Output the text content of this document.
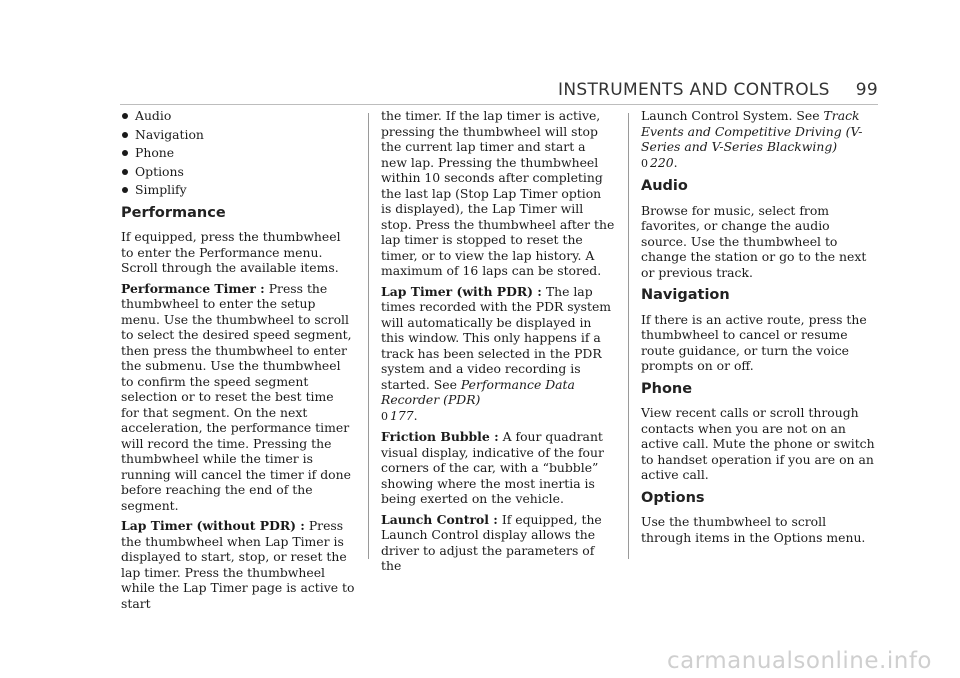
INSTRUMENTS AND CONTROLS 99
Audio
Navigation
Phone
Options
Simplify
Performance

If equipped, press the thumbwheel to enter the Performance menu. Scroll through the available items.

Performance Timer : Press the thumbwheel to enter the setup menu. Use the thumbwheel to scroll to select the desired speed segment, then press the thumbwheel to enter the submenu. Use the thumbwheel to confirm the speed segment selection or to reset the best time for that segment. On the next acceleration, the performance timer will record the time. Pressing the thumbwheel while the timer is running will cancel the timer if done before reaching the end of the segment.

Lap Timer (without PDR) : Press the thumbwheel when Lap Timer is displayed to start, stop, or reset the lap timer. Press the thumbwheel while the Lap Timer page is active to start

the timer. If the lap timer is active, pressing the thumbwheel will stop the current lap timer and start a new lap. Pressing the thumbwheel within 10 seconds after completing the last lap (Stop Lap Timer option is displayed), the Lap Timer will stop. Press the thumbwheel after the lap timer is stopped to reset the timer, or to view the lap history. A maximum of 16 laps can be stored.

Lap Timer (with PDR) : The lap times recorded with the PDR system will automatically be displayed in this window. This only happens if a track has been selected in the PDR system and a video recording is started. See Performance Data Recorder (PDR)
0 177.

Friction Bubble : A four quadrant visual display, indicative of the four corners of the car, with a “bubble” showing where the most inertia is being exerted on the vehicle.

Launch Control : If equipped, the Launch Control display allows the driver to adjust the parameters of the

Launch Control System. See Track Events and Competitive Driving (V-Series and V-Series Blackwing) 0 220.

Audio

Browse for music, select from favorites, or change the audio source. Use the thumbwheel to change the station or go to the next or previous track.

Navigation

If there is an active route, press the thumbwheel to cancel or resume route guidance, or turn the voice prompts on or off.

Phone

View recent calls or scroll through contacts when you are not on an active call. Mute the phone or switch to handset operation if you are on an active call.

Options

Use the thumbwheel to scroll through items in the Options menu.

carmanualsonline.info
